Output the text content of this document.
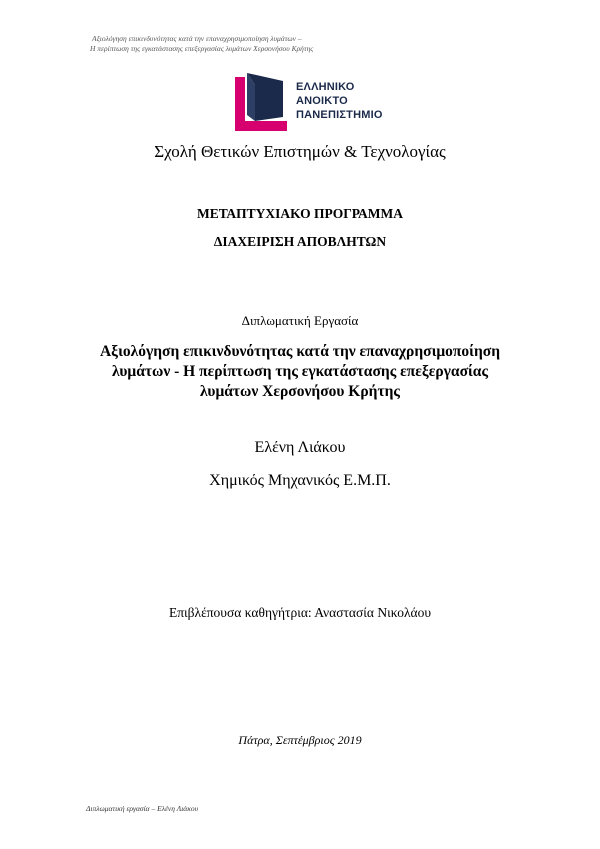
Αξιολόγηση επικινδυνότητας κατά την επαναχρησιμοποίηση λυμάτων –
Η περίπτωση της εγκατάστασης επεξεργασίας λυμάτων Χερσονήσου Κρήτης
ΕΛΛΗΝΙΚΟ
ΑΝΟΙΚΤΟ
ΠΑΝΕΠΙΣΤΗΜΙΟ
Σχολή Θετικών Επιστημών & Τεχνολογίας
ΜΕΤΑΠΤΥΧΙΑΚΟ ΠΡΟΓΡΑΜΜΑ
ΔΙΑΧΕΙΡΙΣΗ ΑΠΟΒΛΗΤΩΝ
Διπλωματική Εργασία
Αξιολόγηση επικινδυνότητας κατά την επαναχρησιμοποίηση
λυμάτων - Η περίπτωση της εγκατάστασης επεξεργασίας
λυμάτων Χερσονήσου Κρήτης
Ελένη Λιάκου
Χημικός Μηχανικός Ε.Μ.Π.
Επιβλέπουσα καθηγήτρια: Αναστασία Νικολάου
Πάτρα, Σεπτέμβριος 2019
Διπλωματική εργασία – Ελένη Λιάκου
